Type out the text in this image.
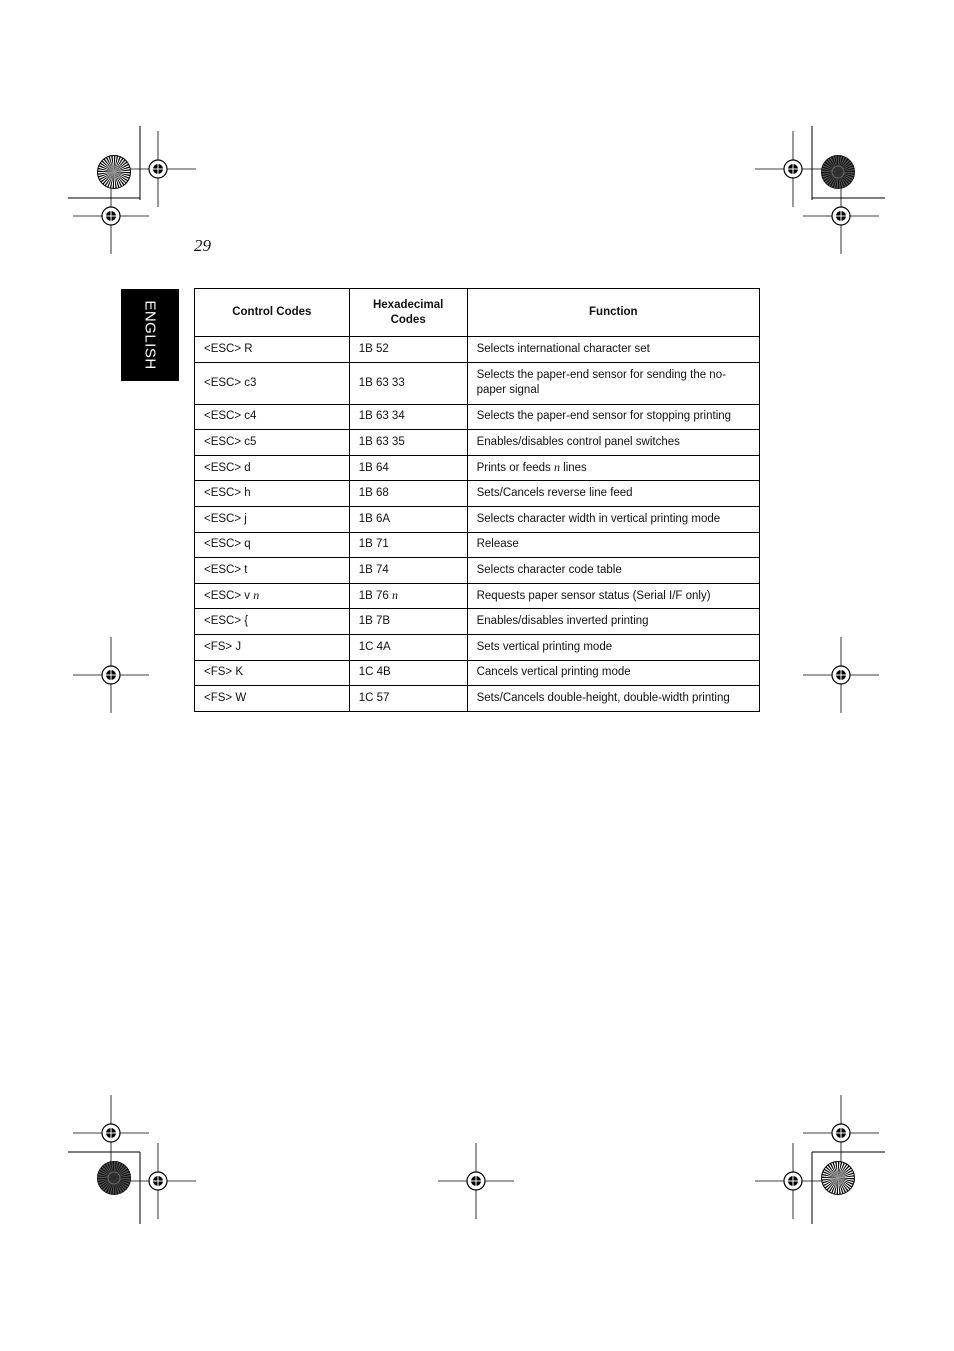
29
ENGLISH	Control Codes	Hexadecimal Codes	Function
<ESC> R	1B 52	Selects international character set
<ESC> c3	1B 63 33	Selects the paper-end sensor for sending the no-paper signal
<ESC> c4	1B 63 34	Selects the paper-end sensor for stopping printing
<ESC> c5	1B 63 35	Enables/disables control panel switches
<ESC> d	1B 64	Prints or feeds n lines
<ESC> h	1B 68	Sets/Cancels reverse line feed
<ESC> j	1B 6A	Selects character width in vertical printing mode
<ESC> q	1B 71	Release
<ESC> t	1B 74	Selects character code table
<ESC> v n	1B 76 n	Requests paper sensor status (Serial I/F only)
<ESC> {	1B 7B	Enables/disables inverted printing
<FS> J	1C 4A	Sets vertical printing mode
<FS> K	1C 4B	Cancels vertical printing mode
<FS> W	1C 57	Sets/Cancels double-height, double-width printing
